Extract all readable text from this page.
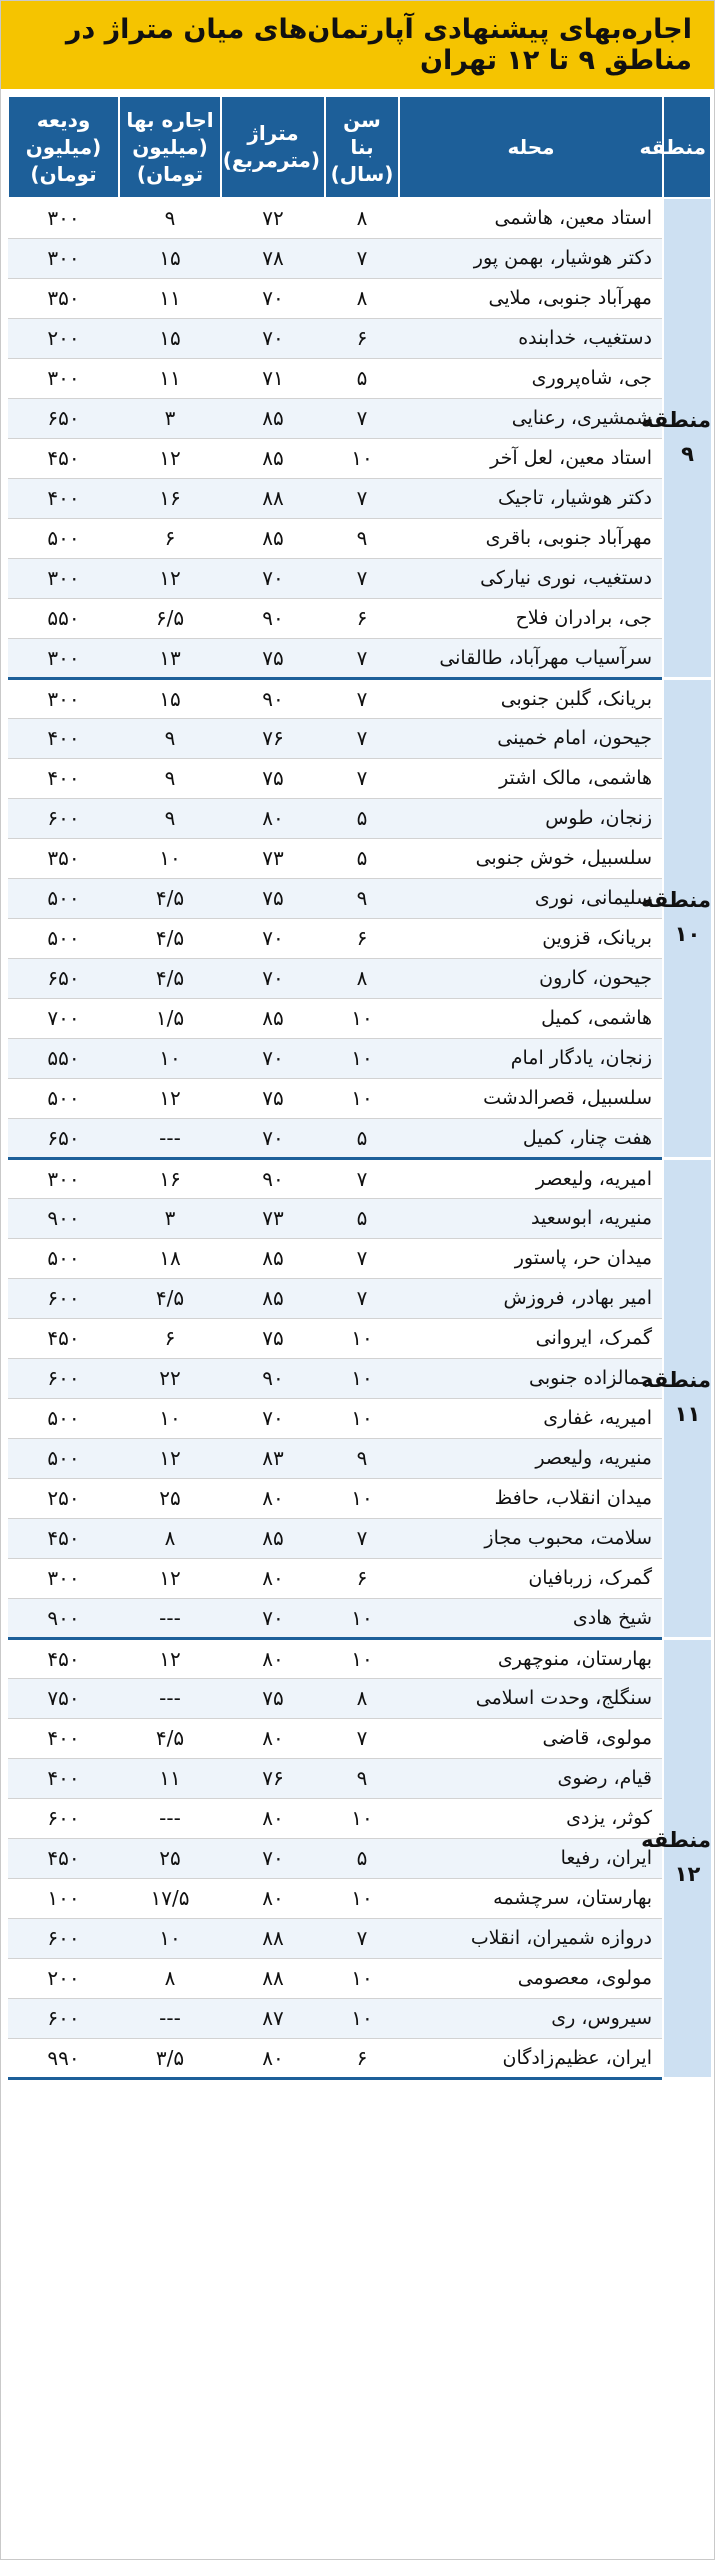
اجاره‌بهای پیشنهادی آپارتمان‌های میان متراژ در مناطق ۹ تا ۱۲ تهران
منطقه	محله	سن بنا (سال)	متراژ (مترمربع)	اجاره بها (میلیون تومان)	ودیعه (میلیون تومان)
منطقه ۹	استاد معین، هاشمی	۸	۷۲	۹	۳۰۰
	دکتر هوشیار، بهمن پور	۷	۷۸	۱۵	۳۰۰
	مهرآباد جنوبی، ملایی	۸	۷۰	۱۱	۳۵۰
	دستغیب، خدابنده	۶	۷۰	۱۵	۲۰۰
	جی، شاه‌پروری	۵	۷۱	۱۱	۳۰۰
	شمشیری، رعنایی	۷	۸۵	۳	۶۵۰
	استاد معین، لعل آخر	۱۰	۸۵	۱۲	۴۵۰
	دکتر هوشیار، تاجیک	۷	۸۸	۱۶	۴۰۰
	مهرآباد جنوبی، باقری	۹	۸۵	۶	۵۰۰
	دستغیب، نوری نیارکی	۷	۷۰	۱۲	۳۰۰
	جی، برادران فلاح	۶	۹۰	۶/۵	۵۵۰
	سرآسیاب مهرآباد، طالقانی	۷	۷۵	۱۳	۳۰۰
منطقه ۱۰	بریانک، گلبن جنوبی	۷	۹۰	۱۵	۳۰۰
	جیحون، امام خمینی	۷	۷۶	۹	۴۰۰
	هاشمی، مالک اشتر	۷	۷۵	۹	۴۰۰
	زنجان، طوس	۵	۸۰	۹	۶۰۰
	سلسبیل، خوش جنوبی	۵	۷۳	۱۰	۳۵۰
	سلیمانی، نوری	۹	۷۵	۴/۵	۵۰۰
	بریانک، قزوین	۶	۷۰	۴/۵	۵۰۰
	جیحون، کارون	۸	۷۰	۴/۵	۶۵۰
	هاشمی، کمیل	۱۰	۸۵	۱/۵	۷۰۰
	زنجان، یادگار امام	۱۰	۷۰	۱۰	۵۵۰
	سلسبیل، قصرالدشت	۱۰	۷۵	۱۲	۵۰۰
	هفت چنار، کمیل	۵	۷۰	---	۶۵۰
منطقه ۱۱	امیریه، ولیعصر	۷	۹۰	۱۶	۳۰۰
	منیریه، ابوسعید	۵	۷۳	۳	۹۰۰
	میدان حر، پاستور	۷	۸۵	۱۸	۵۰۰
	امیر بهادر، فروزش	۷	۸۵	۴/۵	۶۰۰
	گمرک، ایروانی	۱۰	۷۵	۶	۴۵۰
	جمالزاده جنوبی	۱۰	۹۰	۲۲	۶۰۰
	امیریه، غفاری	۱۰	۷۰	۱۰	۵۰۰
	منیریه، ولیعصر	۹	۸۳	۱۲	۵۰۰
	میدان انقلاب، حافظ	۱۰	۸۰	۲۵	۲۵۰
	سلامت، محبوب مجاز	۷	۸۵	۸	۴۵۰
	گمرک، زربافیان	۶	۸۰	۱۲	۳۰۰
	شیخ هادی	۱۰	۷۰	---	۹۰۰
منطقه ۱۲	بهارستان، منوچهری	۱۰	۸۰	۱۲	۴۵۰
	سنگلج، وحدت اسلامی	۸	۷۵	---	۷۵۰
	مولوی، قاضی	۷	۸۰	۴/۵	۴۰۰
	قیام، رضوی	۹	۷۶	۱۱	۴۰۰
	کوثر، یزدی	۱۰	۸۰	---	۶۰۰
	ایران، رفیعا	۵	۷۰	۲۵	۴۵۰
	بهارستان، سرچشمه	۱۰	۸۰	۱۷/۵	۱۰۰
	دروازه شمیران، انقلاب	۷	۸۸	۱۰	۶۰۰
	مولوی، معصومی	۱۰	۸۸	۸	۲۰۰
	سیروس، ری	۱۰	۸۷	---	۶۰۰
	ایران، عظیم‌زادگان	۶	۸۰	۳/۵	۹۹۰
